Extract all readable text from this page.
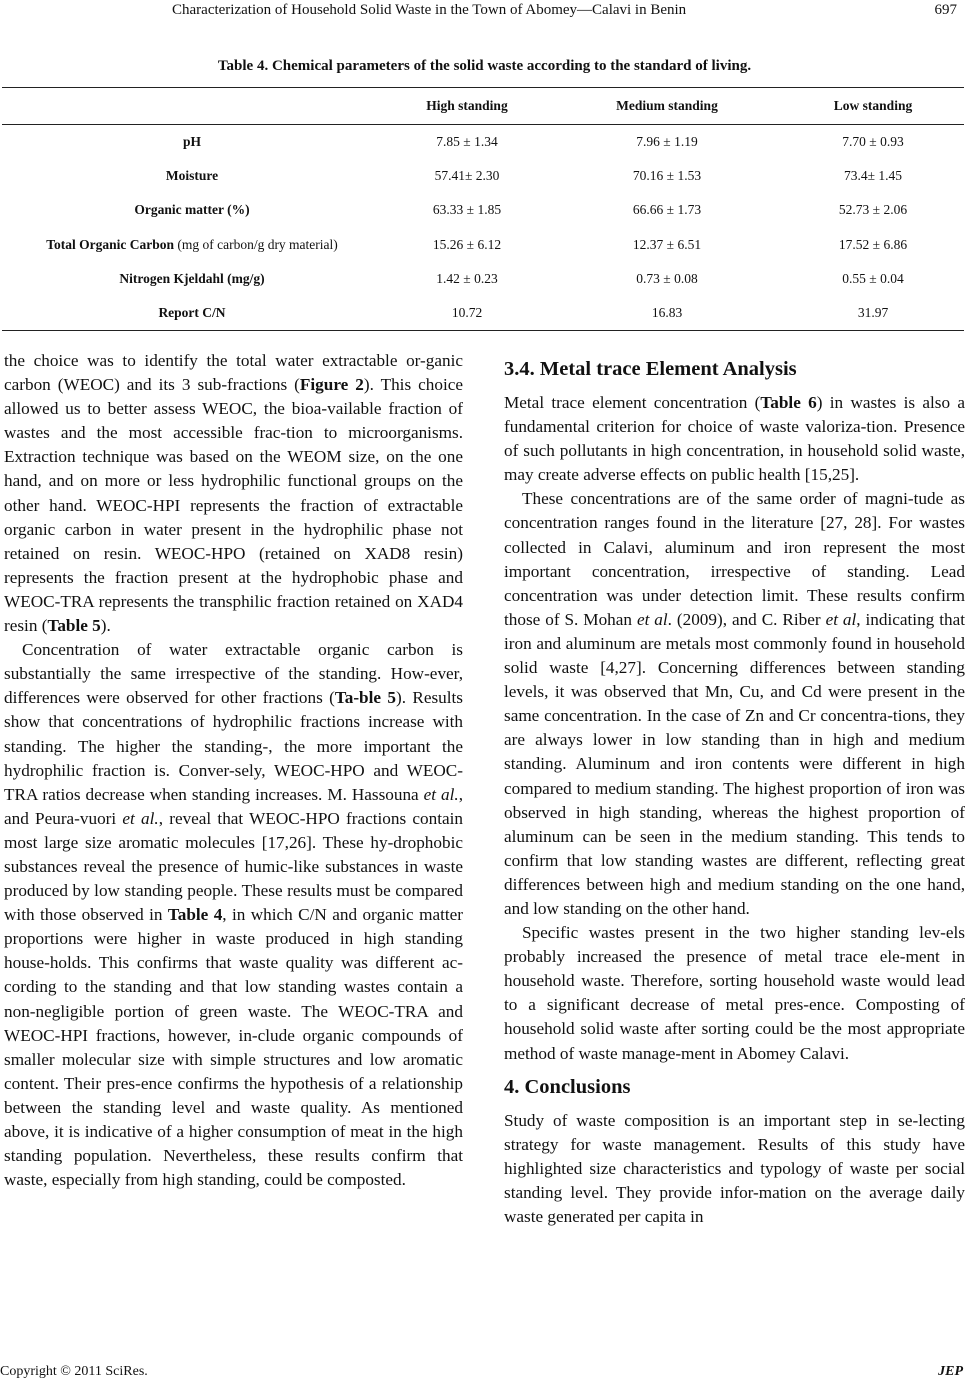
Characterization of Household Solid Waste in the Town of Abomey—Calavi in Benin	697
Table 4. Chemical parameters of the solid waste according to the standard of living.
	High standing	Medium standing	Low standing
pH	7.85 ± 1.34	7.96 ± 1.19	7.70 ± 0.93
Moisture	57.41± 2.30	70.16 ± 1.53	73.4± 1.45
Organic matter (%)	63.33 ± 1.85	66.66 ± 1.73	52.73 ± 2.06
Total Organic Carbon (mg of carbon/g dry material)	15.26 ± 6.12	12.37 ± 6.51	17.52 ± 6.86
Nitrogen Kjeldahl (mg/g)	1.42 ± 0.23	0.73 ± 0.08	0.55 ± 0.04
Report C/N	10.72	16.83	31.97

the choice was to identify the total water extractable or-ganic carbon (WEOC) and its 3 sub-fractions (Figure 2). This choice allowed us to better assess WEOC, the bioa-vailable fraction of wastes and the most accessible frac-tion to microorganisms. Extraction technique was based on the WEOM size, on the one hand, and on more or less hydrophilic functional groups on the other hand. WEOC-HPI represents the fraction of extractable organic carbon in water present in the hydrophilic phase not retained on resin. WEOC-HPO (retained on XAD8 resin) represents the fraction present at the hydrophobic phase and WEOC-TRA represents the transphilic fraction retained on XAD4 resin (Table 5).

Concentration of water extractable organic carbon is substantially the same irrespective of the standing. How-ever, differences were observed for other fractions (Ta-ble 5). Results show that concentrations of hydrophilic fractions increase with standing. The higher the standing-, the more important the hydrophilic fraction is. Conver-sely, WEOC-HPO and WEOC-TRA ratios decrease when standing increases. M. Hassouna et al., and Peura-vuori et al., reveal that WEOC-HPO fractions contain most large size aromatic molecules [17,26]. These hy-drophobic substances reveal the presence of humic-like substances in waste produced by low standing people. These results must be compared with those observed in Table 4, in which C/N and organic matter proportions were higher in waste produced in high standing house-holds. This confirms that waste quality was different ac-cording to the standing and that low standing wastes contain a non-negligible portion of green waste. The WEOC-TRA and WEOC-HPI fractions, however, in-clude organic compounds of smaller molecular size with simple structures and low aromatic content. Their pres-ence confirms the hypothesis of a relationship between the standing level and waste quality. As mentioned above, it is indicative of a higher consumption of meat in the high standing population. Nevertheless, these results confirm that waste, especially from high standing, could be composted.

3.4. Metal trace Element Analysis

Metal trace element concentration (Table 6) in wastes is also a fundamental criterion for choice of waste valoriza-tion. Presence of such pollutants in high concentration, in household solid waste, may create adverse effects on public health [15,25].

These concentrations are of the same order of magni-tude as concentration ranges found in the literature [27, 28]. For wastes collected in Calavi, aluminum and iron represent the most important concentration, irrespective of standing. Lead concentration was under detection limit. These results confirm those of S. Mohan et al. (2009), and C. Riber et al, indicating that iron and aluminum are metals most commonly found in household solid waste [4,27]. Concerning differences between standing levels, it was observed that Mn, Cu, and Cd were present in the same concentration. In the case of Zn and Cr concentra-tions, they are always lower in low standing than in high and medium standing. Aluminum and iron contents were different in high compared to medium standing. The highest proportion of iron was observed in high standing, whereas the highest proportion of aluminum can be seen in the medium standing. This tends to confirm that low standing wastes are different, reflecting great differences between high and medium standing on the one hand, and low standing on the other hand.

Specific wastes present in the two higher standing lev-els probably increased the presence of metal trace ele-ment in household waste. Therefore, sorting household waste would lead to a significant decrease of metal pres-ence. Composting of household solid waste after sorting could be the most appropriate method of waste manage-ment in Abomey Calavi.

4. Conclusions

Study of waste composition is an important step in se-lecting strategy for waste management. Results of this study have highlighted size characteristics and typology of waste per social standing level. They provide infor-mation on the average daily waste generated per capita in

Copyright © 2011 SciRes.	JEP
